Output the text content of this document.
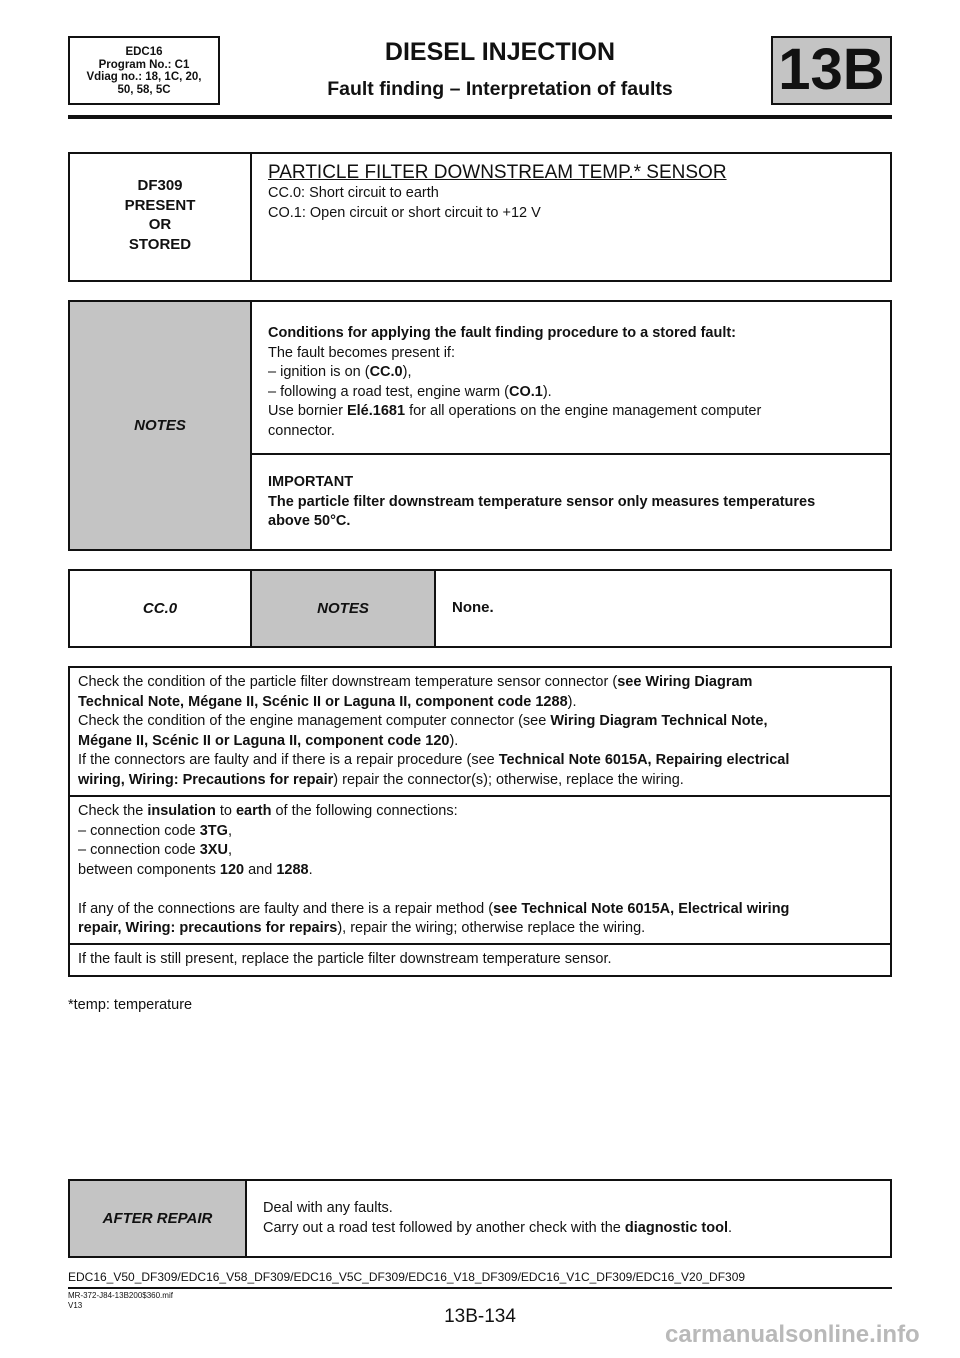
EDC16
Program No.: C1
Vdiag no.: 18, 1C, 20,
50, 58, 5C
DIESEL INJECTION
Fault finding – Interpretation of faults	13B
DF309
PRESENT
OR
STORED
PARTICLE FILTER DOWNSTREAM TEMP.* SENSOR
CC.0: Short circuit to earth
CO.1: Open circuit or short circuit to +12 V
NOTES
Conditions for applying the fault finding procedure to a stored fault:
The fault becomes present if:
– ignition is on (CC.0),
– following a road test, engine warm (CO.1).
Use bornier Elé.1681 for all operations on the engine management computer
connector.
IMPORTANT
The particle filter downstream temperature sensor only measures temperatures
above 50°C.
CC.0	NOTES	None.
Check the condition of the particle filter downstream temperature sensor connector (see Wiring Diagram
Technical Note, Mégane II, Scénic II or Laguna II, component code 1288).
Check the condition of the engine management computer connector (see Wiring Diagram Technical Note,
Mégane II, Scénic II or Laguna II, component code 120).
If the connectors are faulty and if there is a repair procedure (see Technical Note 6015A, Repairing electrical
wiring, Wiring: Precautions for repair) repair the connector(s); otherwise, replace the wiring.
Check the insulation to earth of the following connections:
– connection code 3TG,
– connection code 3XU,
between components 120 and 1288.
If any of the connections are faulty and there is a repair method (see Technical Note 6015A, Electrical wiring
repair, Wiring: precautions for repairs), repair the wiring; otherwise replace the wiring.
If the fault is still present, replace the particle filter downstream temperature sensor.
*temp: temperature
AFTER REPAIR
Deal with any faults.
Carry out a road test followed by another check with the diagnostic tool.
EDC16_V50_DF309/EDC16_V58_DF309/EDC16_V5C_DF309/EDC16_V18_DF309/EDC16_V1C_DF309/EDC16_V20_DF309
MR-372-J84-13B200$360.mif
V13
13B-134
carmanualsonline.info
